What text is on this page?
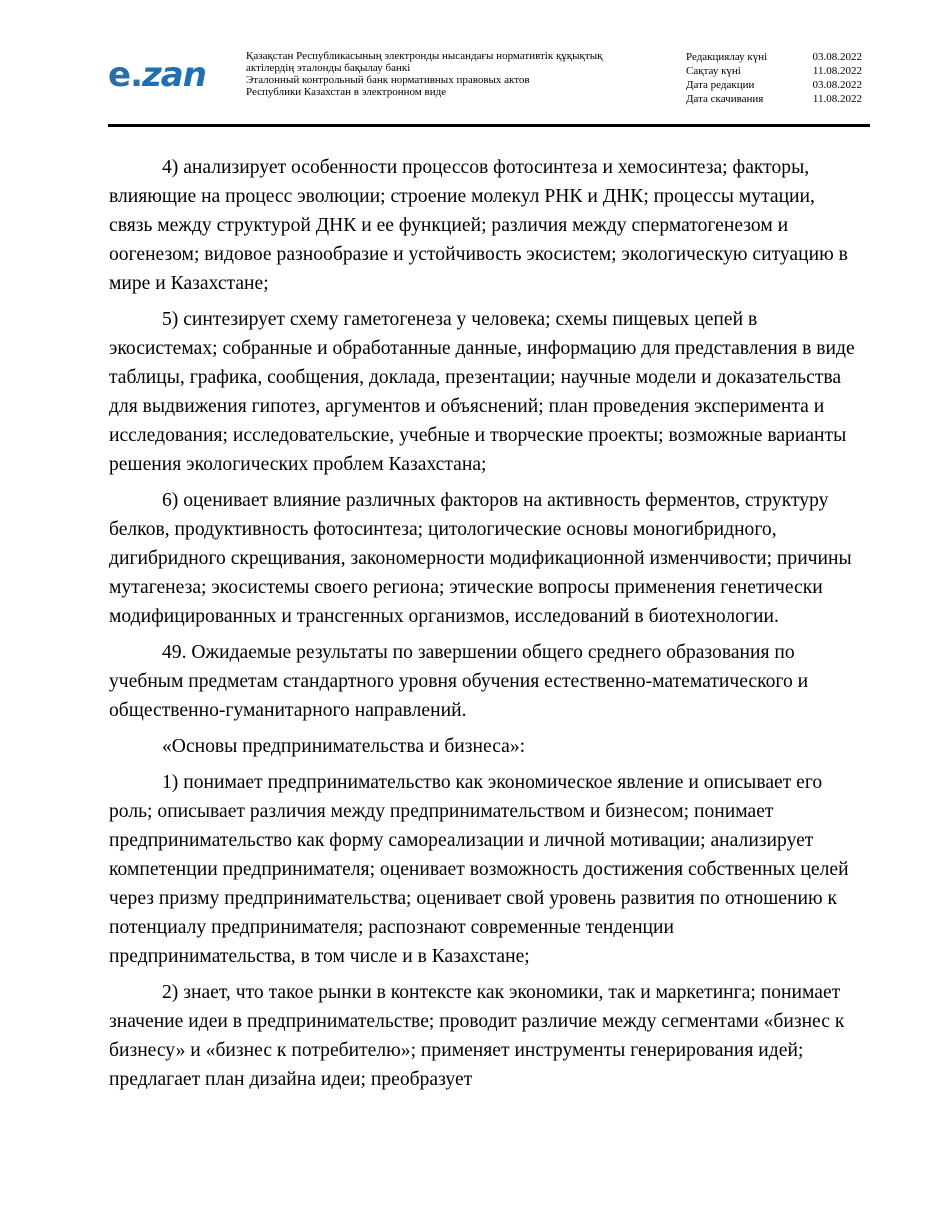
e.zan	Қазақстан Республикасының электронды нысандағы нормативтік құқықтық
актілердің эталонды бақылау банкі
Эталонный контрольный банк нормативных правовых актов
Республики Казахстан в электронном виде
Редакциялау күні	03.08.2022
Сақтау күні	11.08.2022
Дата редакции	03.08.2022
Дата скачивания	11.08.2022

4) анализирует особенности процессов фотосинтеза и хемосинтеза; факторы, влияющие на процесс эволюции; строение молекул РНК и ДНК; процессы мутации, связь между структурой ДНК и ее функцией; различия между сперматогенезом и оогенезом; видовое разнообразие и устойчивость экосистем; экологическую ситуацию в мире и Казахстане;

5) синтезирует схему гаметогенеза у человека; схемы пищевых цепей в экосистемах; собранные и обработанные данные, информацию для представления в виде таблицы, графика, сообщения, доклада, презентации; научные модели и доказательства для выдвижения гипотез, аргументов и объяснений; план проведения эксперимента и исследования; исследовательские, учебные и творческие проекты; возможные варианты решения экологических проблем Казахстана;

6) оценивает влияние различных факторов на активность ферментов, структуру белков, продуктивность фотосинтеза; цитологические основы моногибридного, дигибридного скрещивания, закономерности модификационной изменчивости; причины мутагенеза; экосистемы своего региона; этические вопросы применения генетически модифицированных и трансгенных организмов, исследований в биотехнологии.

49. Ожидаемые результаты по завершении общего среднего образования по учебным предметам стандартного уровня обучения естественно-математического и общественно-гуманитарного направлений.

«Основы предпринимательства и бизнеса»:

1) понимает предпринимательство как экономическое явление и описывает его роль; описывает различия между предпринимательством и бизнесом; понимает предпринимательство как форму самореализации и личной мотивации; анализирует компетенции предпринимателя; оценивает возможность достижения собственных целей через призму предпринимательства; оценивает свой уровень развития по отношению к потенциалу предпринимателя; распознают современные тенденции предпринимательства, в том числе и в Казахстане;

2) знает, что такое рынки в контексте как экономики, так и маркетинга; понимает значение идеи в предпринимательстве; проводит различие между сегментами «бизнес к бизнесу» и «бизнес к потребителю»; применяет инструменты генерирования идей; предлагает план дизайна идеи; преобразует
